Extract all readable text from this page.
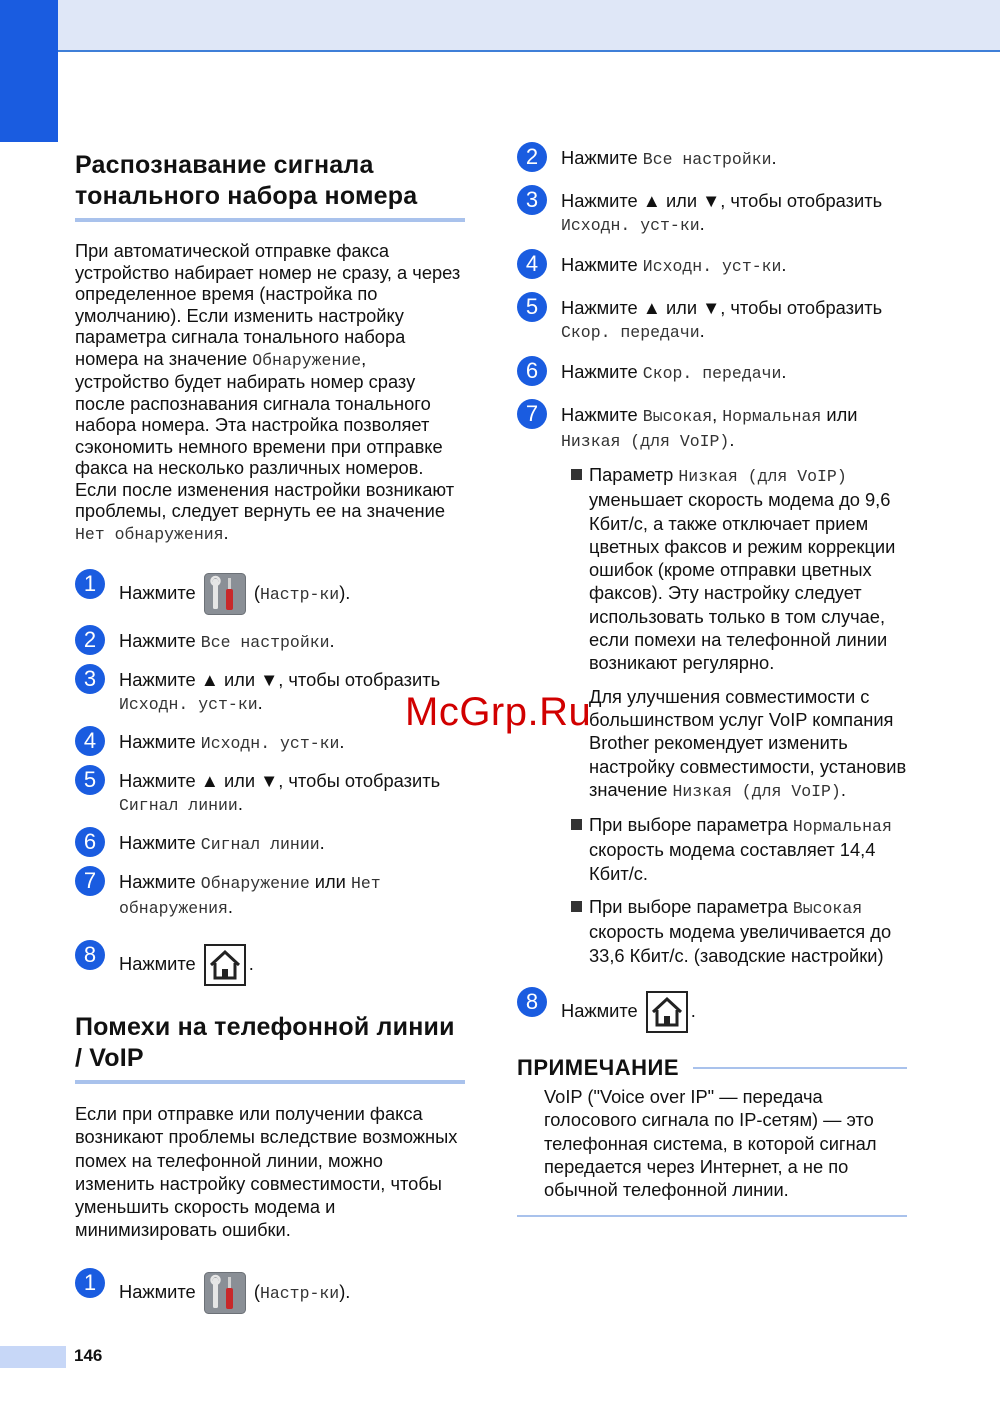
Распознавание сигнала тонального набора номера

При автоматической отправке факса устройство набирает номер не сразу, а через определенное время (настройка по умолчанию). Если изменить настройку параметра сигнала тонального набора номера на значение Обнаружение, устройство будет набирать номер сразу после распознавания сигнала тонального набора номера. Эта настройка позволяет сэкономить немного времени при отправке факса на несколько различных номеров. Если после изменения настройки возникают проблемы, следует вернуть ее на значение Нет обнаружения.

1	Нажмите	(Настр-ки).
2	Нажмите Все настройки.
3	Нажмите ▲ или ▼, чтобы отобразить Исходн. уст-ки.
4	Нажмите Исходн. уст-ки.
5	Нажмите ▲ или ▼, чтобы отобразить Сигнал линии.
6	Нажмите Сигнал линии.
7	Нажмите Обнаружение или Нет обнаружения.
8	Нажмите	.
Помехи на телефонной линии / VoIP

Если при отправке или получении факса возникают проблемы вследствие возможных помех на телефонной линии, можно изменить настройку совместимости, чтобы уменьшить скорость модема и минимизировать ошибки.

1	Нажмите	(Настр-ки).
2	Нажмите Все настройки.
3	Нажмите ▲ или ▼, чтобы отобразить Исходн. уст-ки.
4	Нажмите Исходн. уст-ки.
5	Нажмите ▲ или ▼, чтобы отобразить Скор. передачи.
6	Нажмите Скор. передачи.
7	Нажмите Высокая, Нормальная или Низкая (для VoIP).
Параметр Низкая (для VoIP) уменьшает скорость модема до 9,6 Кбит/с, а также отключает прием цветных факсов и режим коррекции ошибок (кроме отправки цветных факсов). Эту настройку следует использовать только в том случае, если помехи на телефонной линии возникают регулярно.
Для улучшения совместимости с большинством услуг VoIP компания Brother рекомендует изменить настройку совместимости, установив значение Низкая (для VoIP).
При выборе параметра Нормальная скорость модема составляет 14,4 Кбит/с.
При выборе параметра Высокая скорость модема увеличивается до 33,6 Кбит/с. (заводские настройки)
8	Нажмите	.
ПРИМЕЧАНИЕ
VoIP ("Voice over IP" — передача голосового сигнала по IP-сетям) — это телефонная система, в которой сигнал передается через Интернет, а не по обычной телефонной линии.
McGrp.Ru
146
